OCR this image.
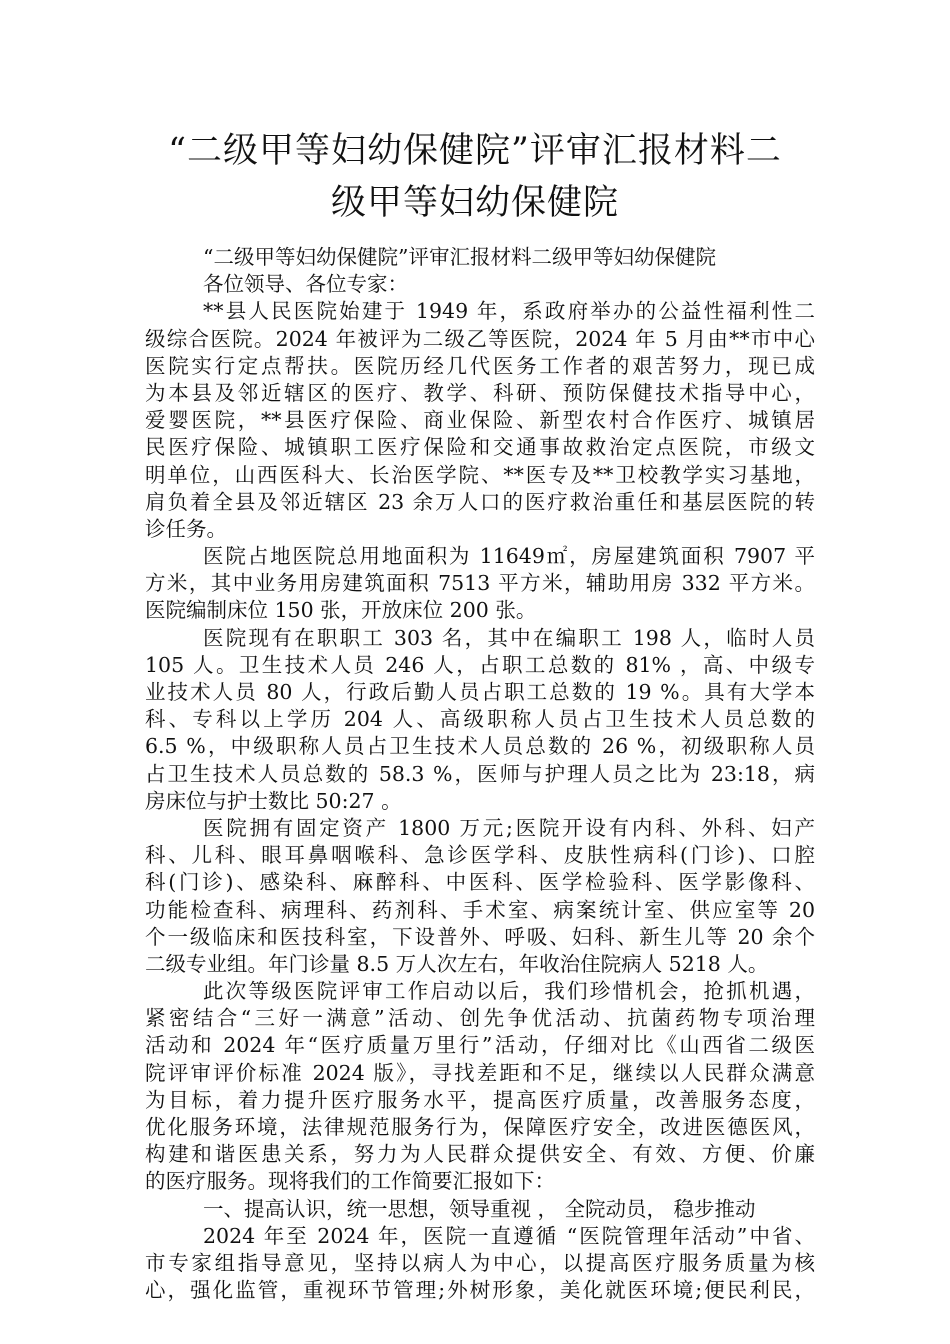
“二级甲等妇幼保健院”评审汇报材料二
级甲等妇幼保健院
“二级甲等妇幼保健院”评审汇报材料二级甲等妇幼保健院
各位领导、各位专家：
**县人民医院始建于 1949 年，系政府举办的公益性福利性二
级综合医院。2024 年被评为二级乙等医院，2024 年 5 月由**市中心
医院实行定点帮扶。医院历经几代医务工作者的艰苦努力，现已成
为本县及邻近辖区的医疗、教学、科研、预防保健技术指导中心，
爱婴医院，**县医疗保险、商业保险、新型农村合作医疗、城镇居
民医疗保险、城镇职工医疗保险和交通事故救治定点医院，市级文
明单位，山西医科大、长治医学院、**医专及**卫校教学实习基地，
肩负着全县及邻近辖区 23 余万人口的医疗救治重任和基层医院的转
诊任务。
医院占地医院总用地面积为 11649㎡，房屋建筑面积 7907 平
方米，其中业务用房建筑面积 7513 平方米，辅助用房 332 平方米。
医院编制床位 150 张，开放床位 200 张。
医院现有在职职工 303 名，其中在编职工 198 人，临时人员
105 人。卫生技术人员 246 人，占职工总数的 81% ，高、中级专
业技术人员 80 人，行政后勤人员占职工总数的 19 %。具有大学本
科、专科以上学历 204 人、高级职称人员占卫生技术人员总数的
6.5 %，中级职称人员占卫生技术人员总数的 26 %，初级职称人员
占卫生技术人员总数的 58.3 %，医师与护理人员之比为 23:18，病
房床位与护士数比 50:27 。
医院拥有固定资产 1800 万元;医院开设有内科、外科、妇产
科、儿科、眼耳鼻咽喉科、急诊医学科、皮肤性病科(门诊)、口腔
科(门诊)、感染科、麻醉科、中医科、医学检验科、医学影像科、
功能检查科、病理科、药剂科、手术室、病案统计室、供应室等 20
个一级临床和医技科室，下设普外、呼吸、妇科、新生儿等 20 余个
二级专业组。年门诊量 8.5 万人次左右，年收治住院病人 5218 人。
此次等级医院评审工作启动以后，我们珍惜机会，抢抓机遇，
紧密结合“三好一满意”活动、创先争优活动、抗菌药物专项治理
活动和 2024 年“医疗质量万里行”活动，仔细对比《山西省二级医
院评审评价标准 2024 版》，寻找差距和不足，继续以人民群众满意
为目标，着力提升医疗服务水平，提高医疗质量，改善服务态度，
优化服务环境，法律规范服务行为，保障医疗安全，改进医德医风，
构建和谐医患关系，努力为人民群众提供安全、有效、方便、价廉
的医疗服务。现将我们的工作简要汇报如下：
一、提高认识，统一思想，领导重视 ， 全院动员， 稳步推动
2024 年至 2024 年，医院一直遵循 “医院管理年活动”中省、
市专家组指导意见，坚持以病人为中心，以提高医疗服务质量为核
心，强化监管，重视环节管理;外树形象，美化就医环境;便民利民，
